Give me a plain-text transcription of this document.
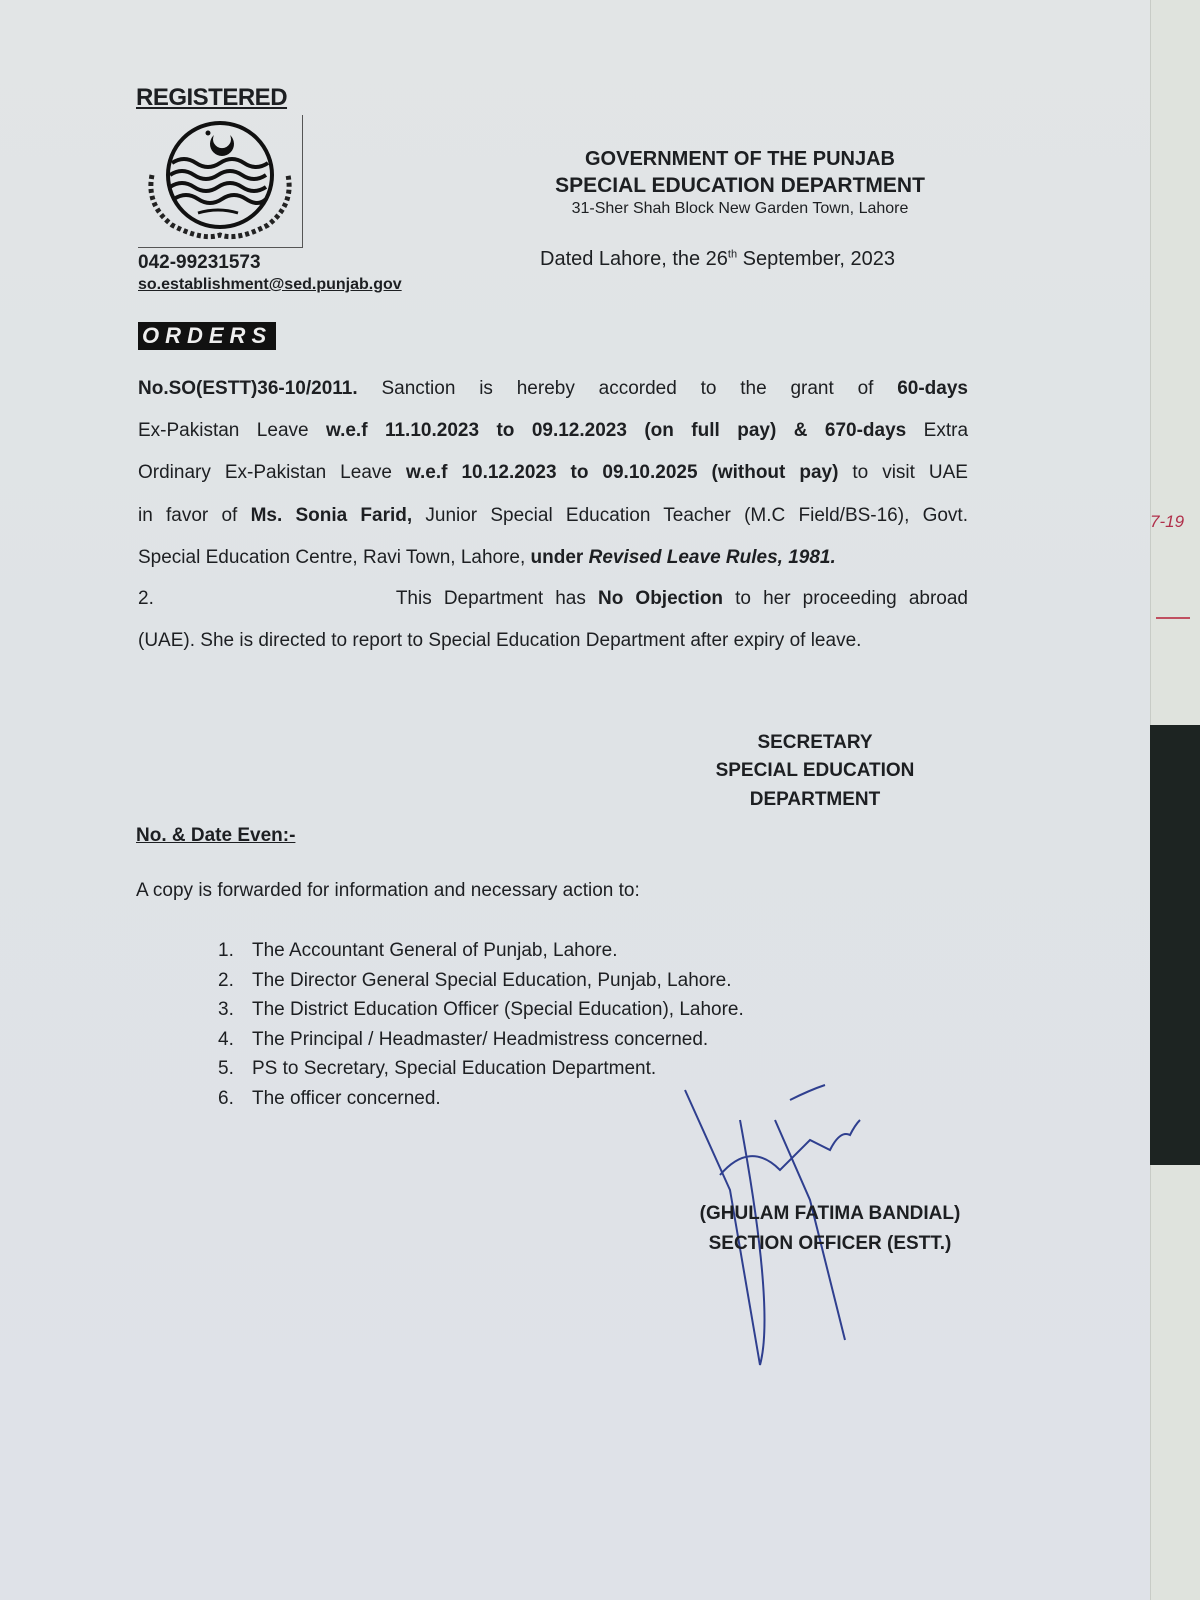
REGISTERED
042-99231573
so.establishment@sed.punjab.gov
GOVERNMENT OF THE PUNJAB
SPECIAL EDUCATION DEPARTMENT
31-Sher Shah Block New Garden Town, Lahore
Dated Lahore, the 26th September, 2023
ORDERS
No.SO(ESTT)36-10/2011. Sanction is hereby accorded to the grant of 60-days
Ex-Pakistan Leave w.e.f 11.10.2023 to 09.12.2023 (on full pay) & 670-days Extra
Ordinary Ex-Pakistan Leave w.e.f 10.12.2023 to 09.10.2025 (without pay) to visit UAE
in favor of Ms. Sonia Farid, Junior Special Education Teacher (M.C Field/BS-16), Govt.
Special Education Centre, Ravi Town, Lahore, under Revised Leave Rules, 1981.
2.                    This Department has No Objection to her proceeding abroad
(UAE). She is directed to report to Special Education Department after expiry of leave.
SECRETARY
SPECIAL EDUCATION
DEPARTMENT
No. & Date Even:-
A copy is forwarded for information and necessary action to:
1. The Accountant General of Punjab, Lahore.
2. The Director General Special Education, Punjab, Lahore.
3. The District Education Officer (Special Education), Lahore.
4. The Principal / Headmaster/ Headmistress concerned.
5. PS to Secretary, Special Education Department.
6. The officer concerned.
(GHULAM FATIMA BANDIAL)
SECTION OFFICER (ESTT.)
7-19
